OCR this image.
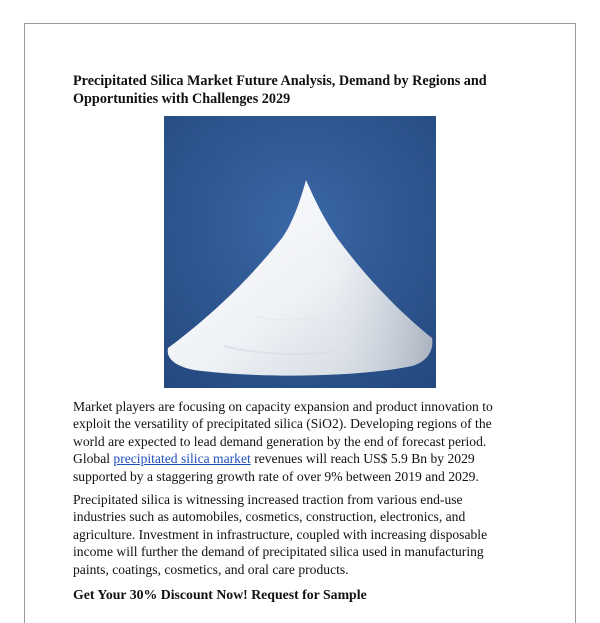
Precipitated Silica Market Future Analysis, Demand by Regions and
Opportunities with Challenges 2029

Market players are focusing on capacity expansion and product innovation to
exploit the versatility of precipitated silica (SiO2). Developing regions of the
world are expected to lead demand generation by the end of forecast period.
Global precipitated silica market revenues will reach US$ 5.9 Bn by 2029
supported by a staggering growth rate of over 9% between 2019 and 2029.

Precipitated silica is witnessing increased traction from various end-use
industries such as automobiles, cosmetics, construction, electronics, and
agriculture. Investment in infrastructure, coupled with increasing disposable
income will further the demand of precipitated silica used in manufacturing
paints, coatings, cosmetics, and oral care products.

Get Your 30% Discount Now! Request for Sample
